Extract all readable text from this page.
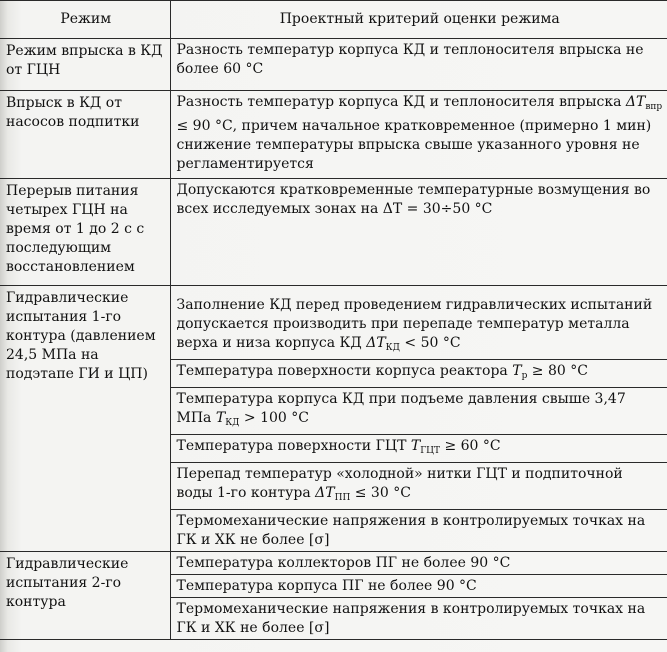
Режим	Проектный критерий оценки режима
Режим впрыска в КД от ГЦН	Разность температур корпуса КД и теплоносителя впрыска не более 60 °С
Впрыск в КД от насосов подпитки	Разность температур корпуса КД и теплоносителя впрыска $\Delta T_{впр} \le 90$ °С, причем начальное кратковременное (примерно 1 мин) снижение температуры впрыска свыше указанного уровня не регламентируется
Перерыв питания четырех ГЦН на время от 1 до 2 с с последующим восстановлением	Допускаются кратковременные температурные возмущения во всех исследуемых зонах на ΔT = 30÷50 °С
Гидравлические испытания 1-го контура (давлением 24,5 МПа на подэтапе ГИ и ЦП)	Заполнение КД перед проведением гидравлических испытаний допускается производить при перепаде температур металла верха и низа корпуса КД $\Delta T_{КД} < 50$ °С
	Температура поверхности корпуса реактора $T_р \ge 80$ °С
	Температура корпуса КД при подъеме давления свыше 3,47 МПа $T_{КД} > 100$ °С
	Температура поверхности ГЦТ $T_{ГЦТ} \ge 60$ °С
	Перепад температур «холодной» нитки ГЦТ и подпиточной воды 1-го контура $\Delta T_{ПП} \le 30$ °С
	Термомеханические напряжения в контролируемых точках на ГК и ХК не более [σ]
Гидравлические испытания 2-го контура	Температура коллекторов ПГ не более 90 °С
	Температура корпуса ПГ не более 90 °С
	Термомеханические напряжения в контролируемых точках на ГК и ХК не более [σ]
